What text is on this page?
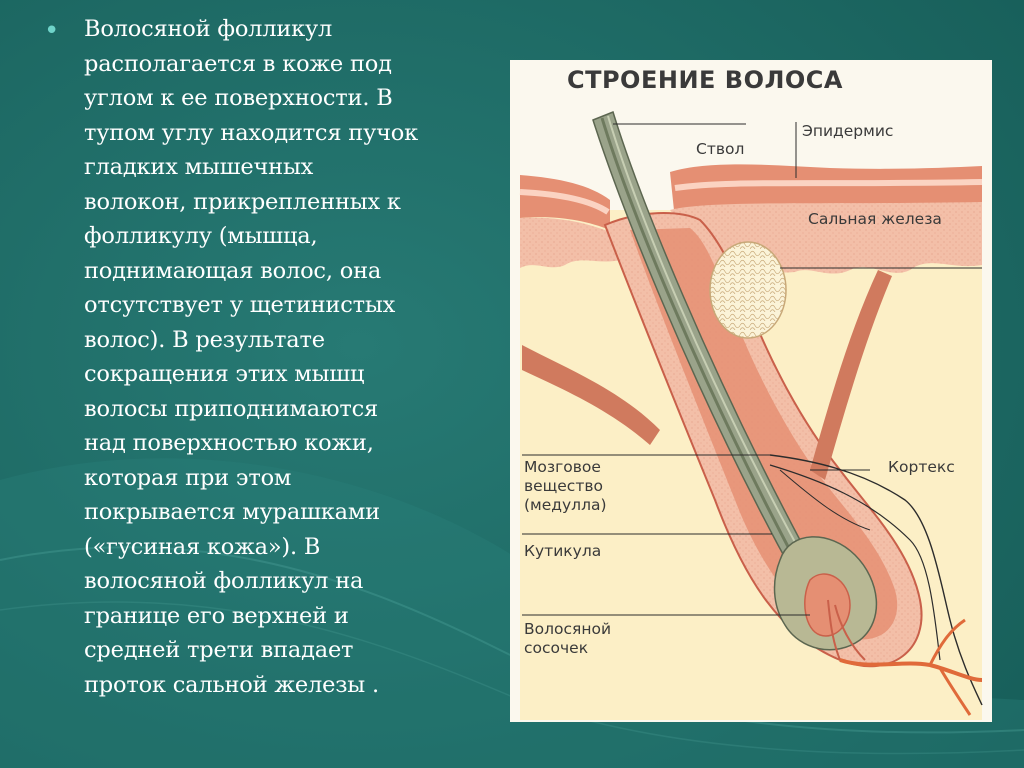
• Волосяной фолликул
располагается в коже под
углом к ее поверхности. В
тупом углу находится пучок
гладких мышечных
волокон, прикрепленных к
фолликулу (мышца,
поднимающая волос, она
отсутствует у щетинистых
волос). В результате
сокращения этих мышц
волосы приподнимаются
над поверхностью кожи,
которая при этом
покрывается мурашками
(«гусиная кожа»). В
волосяной фолликул на
границе его верхней и
средней трети впадает
проток сальной железы .
СТРОЕНИЕ ВОЛОСА
Ствол
Эпидермис
Сальная железа
Мозговое
вещество
(медулла)
Кортекс
Кутикула
Волосяной
сосочек
